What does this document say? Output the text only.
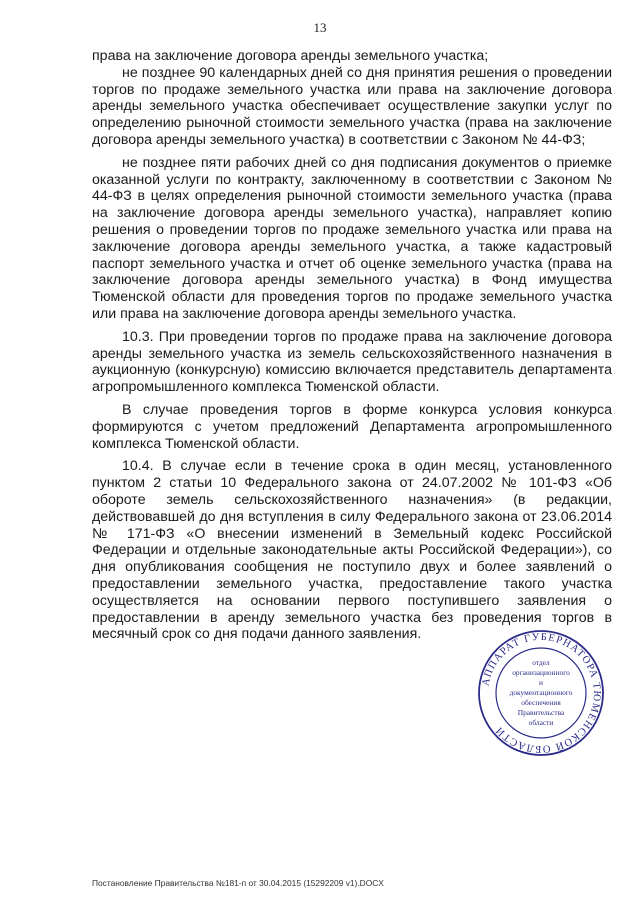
13

права на заключение договора аренды земельного участка;

не позднее 90 календарных дней со дня принятия решения о проведении торгов по продаже земельного участка или права на заключение договора аренды земельного участка обеспечивает осуществление закупки услуг по определению рыночной стоимости земельного участка (права на заключение договора аренды земельного участка) в соответствии с Законом № 44-ФЗ;

не позднее пяти рабочих дней со дня подписания документов о приемке оказанной услуги по контракту, заключенному в соответствии с Законом № 44-ФЗ в целях определения рыночной стоимости земельного участка (права на заключение договора аренды земельного участка), направляет копию решения о проведении торгов по продаже земельного участка или права на заключение договора аренды земельного участка, а также кадастровый паспорт земельного участка и отчет об оценке земельного участка (права на заключение договора аренды земельного участка) в Фонд имущества Тюменской области для проведения торгов по продаже земельного участка или права на заключение договора аренды земельного участка.

10.3. При проведении торгов по продаже права на заключение договора аренды земельного участка из земель сельскохозяйственного назначения в аукционную (конкурсную) комиссию включается представитель департамента агропромышленного комплекса Тюменской области.

В случае проведения торгов в форме конкурса условия конкурса формируются с учетом предложений Департамента агропромышленного комплекса Тюменской области.

10.4. В случае если в течение срока в один месяц, установленного пунктом 2 статьи 10 Федерального закона от 24.07.2002 № 101-ФЗ «Об обороте земель сельскохозяйственного назначения» (в редакции, действовавшей до дня вступления в силу Федерального закона от 23.06.2014 № 171-ФЗ «О внесении изменений в Земельный кодекс Российской Федерации и отдельные законодательные акты Российской Федерации»), со дня опубликования сообщения не поступило двух и более заявлений о предоставлении земельного участка, предоставление такого участка осуществляется на основании первого поступившего заявления о предоставлении в аренду земельного участка без проведения торгов в месячный срок со дня подачи данного заявления.

АППАРАТ ГУБЕРНАТОРА ТЮМЕНСКОЙ ОБЛАСТИ
отдел
организационного
и
документационного
обеспечения
Правительства
области
Постановление Правительства №181-п от 30.04.2015 (15292209 v1).DOCX
